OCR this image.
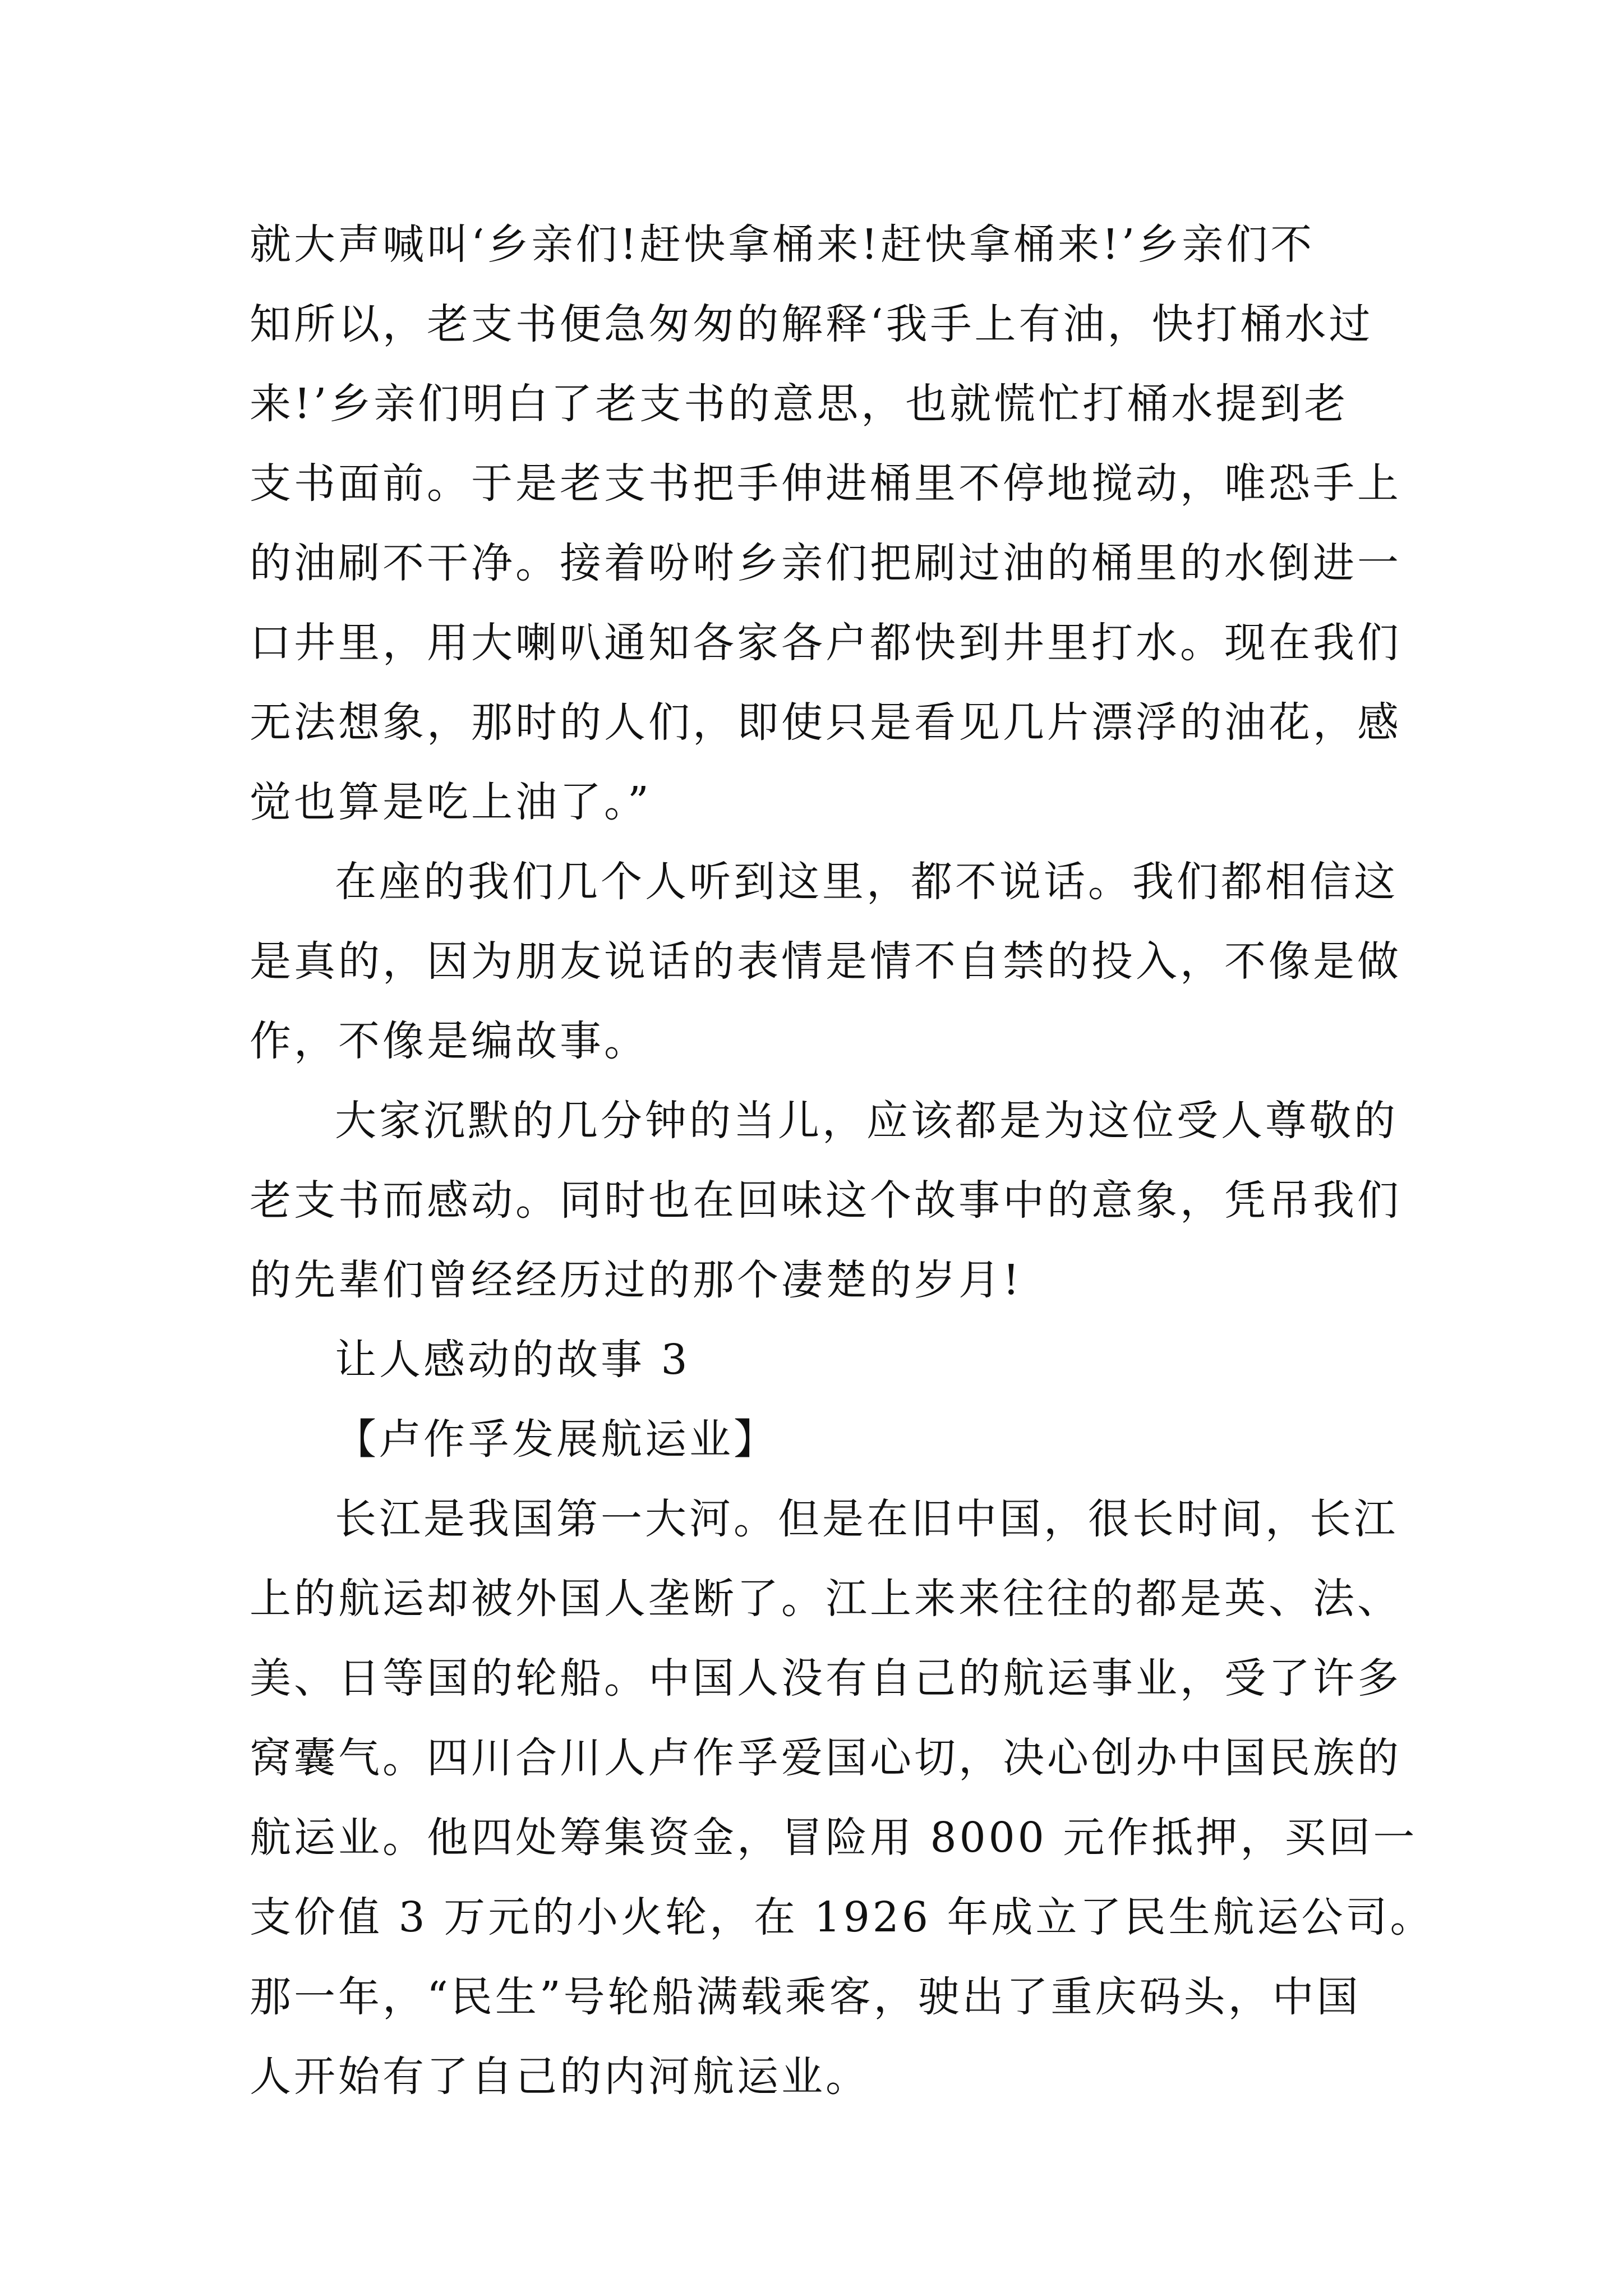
就大声喊叫‘乡亲们!赶快拿桶来!赶快拿桶来!’乡亲们不
知所以，老支书便急匆匆的解释‘我手上有油，快打桶水过
来!’乡亲们明白了老支书的意思，也就慌忙打桶水提到老
支书面前。于是老支书把手伸进桶里不停地搅动，唯恐手上
的油刷不干净。接着吩咐乡亲们把刷过油的桶里的水倒进一
口井里，用大喇叭通知各家各户都快到井里打水。现在我们
无法想象，那时的人们，即使只是看见几片漂浮的油花，感
觉也算是吃上油了。”
在座的我们几个人听到这里，都不说话。我们都相信这
是真的，因为朋友说话的表情是情不自禁的投入，不像是做
作，不像是编故事。
大家沉默的几分钟的当儿，应该都是为这位受人尊敬的
老支书而感动。同时也在回味这个故事中的意象，凭吊我们
的先辈们曾经经历过的那个凄楚的岁月!
让人感动的故事 3
【卢作孚发展航运业】
长江是我国第一大河。但是在旧中国，很长时间，长江
上的航运却被外国人垄断了。江上来来往往的都是英、法、
美、日等国的轮船。中国人没有自己的航运事业，受了许多
窝囊气。四川合川人卢作孚爱国心切，决心创办中国民族的
航运业。他四处筹集资金，冒险用 8000 元作抵押，买回一
支价值 3 万元的小火轮，在 1926 年成立了民生航运公司。
那一年，“民生”号轮船满载乘客，驶出了重庆码头，中国
人开始有了自己的内河航运业。
